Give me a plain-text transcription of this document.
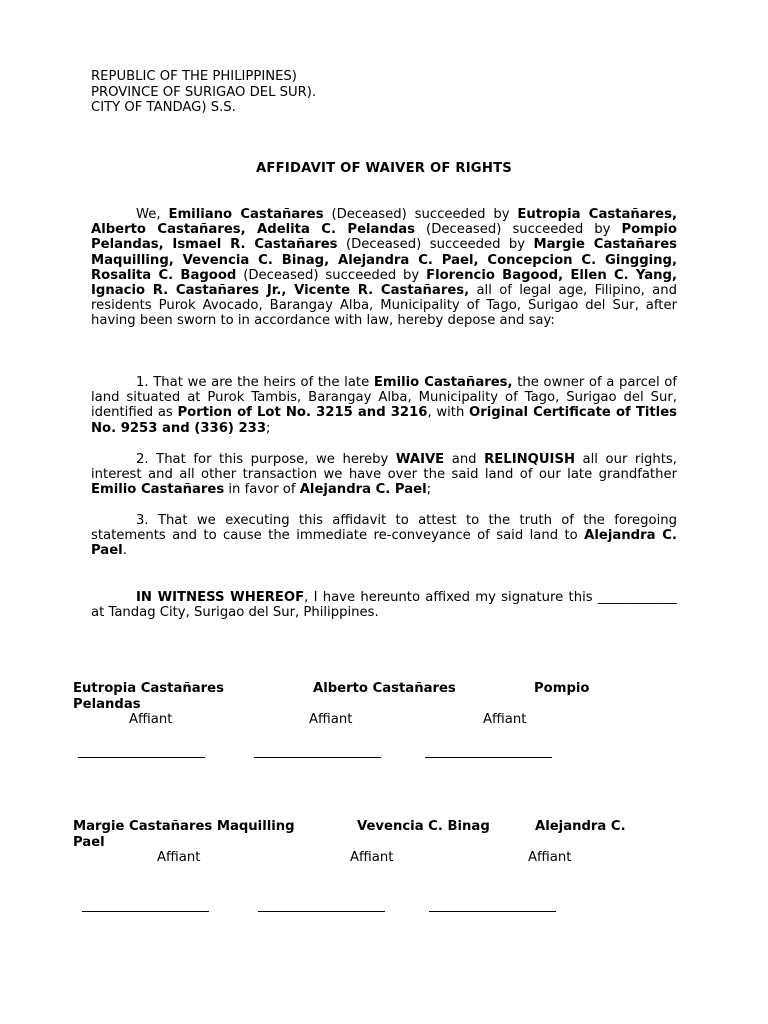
REPUBLIC OF THE PHILIPPINES)
PROVINCE OF SURIGAO DEL SUR).
CITY OF TANDAG) S.S.
AFFIDAVIT OF WAIVER OF RIGHTS
We, Emiliano Castañares (Deceased) succeeded by Eutropia Castañares, Alberto Castañares, Adelita C. Pelandas (Deceased) succeeded by Pompio Pelandas, Ismael R. Castañares (Deceased) succeeded by Margie Castañares Maquilling, Vevencia C. Binag, Alejandra C. Pael, Concepcion C. Gingging, Rosalita C. Bagood (Deceased) succeeded by Florencio Bagood, Ellen C. Yang, Ignacio R. Castañares Jr., Vicente R. Castañares, all of legal age, Filipino, and residents Purok Avocado, Barangay Alba, Municipality of Tago, Surigao del Sur, after having been sworn to in accordance with law, hereby depose and say:
1. That we are the heirs of the late Emilio Castañares, the owner of a parcel of land situated at Purok Tambis, Barangay Alba, Municipality of Tago, Surigao del Sur, identified as Portion of Lot No. 3215 and 3216, with Original Certificate of Titles No. 9253 and (336) 233;
2. That for this purpose, we hereby WAIVE and RELINQUISH all our rights, interest and all other transaction we have over the said land of our late grandfather Emilio Castañares in favor of Alejandra C. Pael;
3. That we executing this affidavit to attest to the truth of the foregoing statements and to cause the immediate re-conveyance of said land to Alejandra C. Pael.
IN WITNESS WHEREOF, I have hereunto affixed my signature this ____________ at Tandag City, Surigao del Sur, Philippines.
Eutropia Castañares	Alberto Castañares	Pompio
Pelandas
Affiant	Affiant	Affiant
Margie Castañares Maquilling	Vevencia C. Binag	Alejandra C.
Pael
Affiant	Affiant	Affiant
